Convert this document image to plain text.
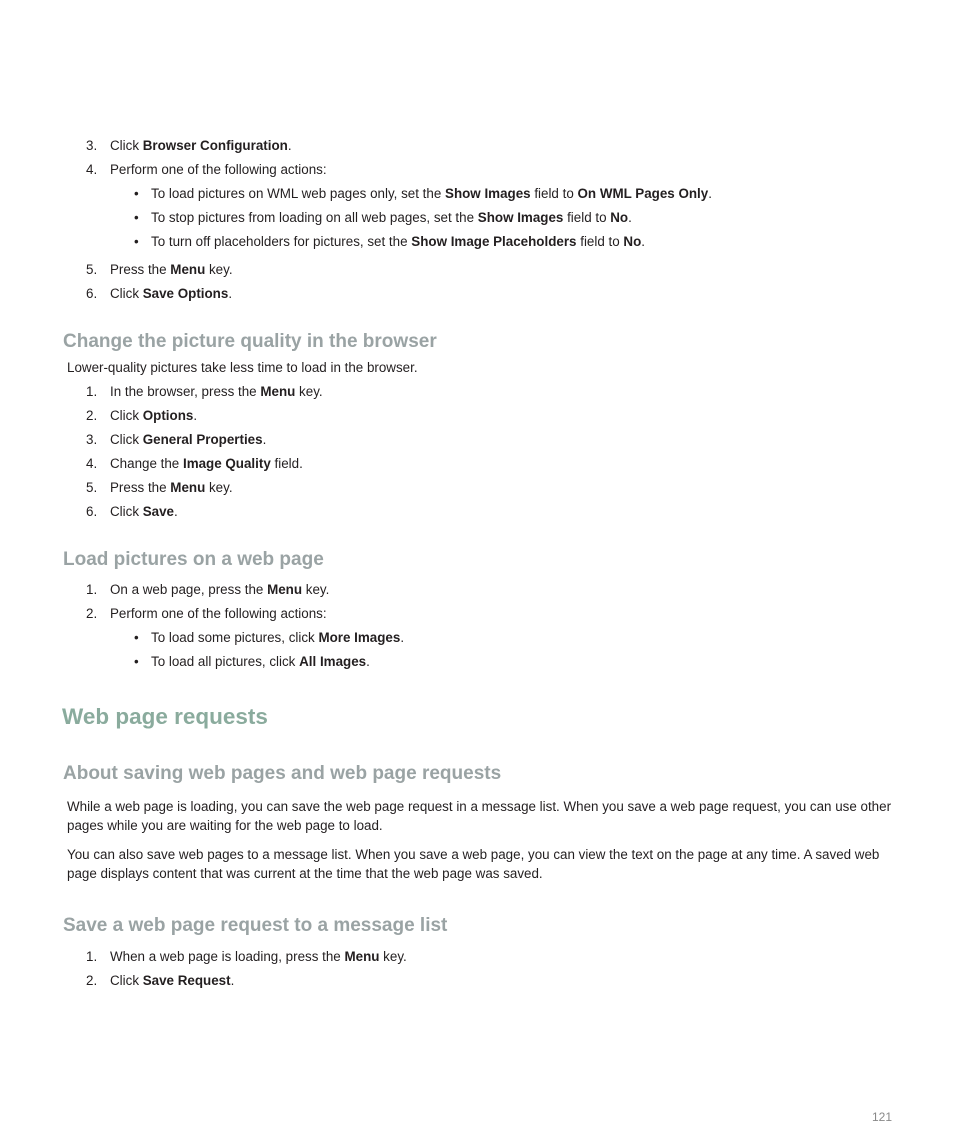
3. Click Browser Configuration.
4. Perform one of the following actions:
• To load pictures on WML web pages only, set the Show Images field to On WML Pages Only.
• To stop pictures from loading on all web pages, set the Show Images field to No.
• To turn off placeholders for pictures, set the Show Image Placeholders field to No.
5. Press the Menu key.
6. Click Save Options.
Change the picture quality in the browser
Lower-quality pictures take less time to load in the browser.
1. In the browser, press the Menu key.
2. Click Options.
3. Click General Properties.
4. Change the Image Quality field.
5. Press the Menu key.
6. Click Save.
Load pictures on a web page
1. On a web page, press the Menu key.
2. Perform one of the following actions:
• To load some pictures, click More Images.
• To load all pictures, click All Images.
Web page requests
About saving web pages and web page requests
While a web page is loading, you can save the web page request in a message list. When you save a web page request, you can use other pages while you are waiting for the web page to load.
You can also save web pages to a message list. When you save a web page, you can view the text on the page at any time. A saved web page displays content that was current at the time that the web page was saved.
Save a web page request to a message list
1. When a web page is loading, press the Menu key.
2. Click Save Request.
121
